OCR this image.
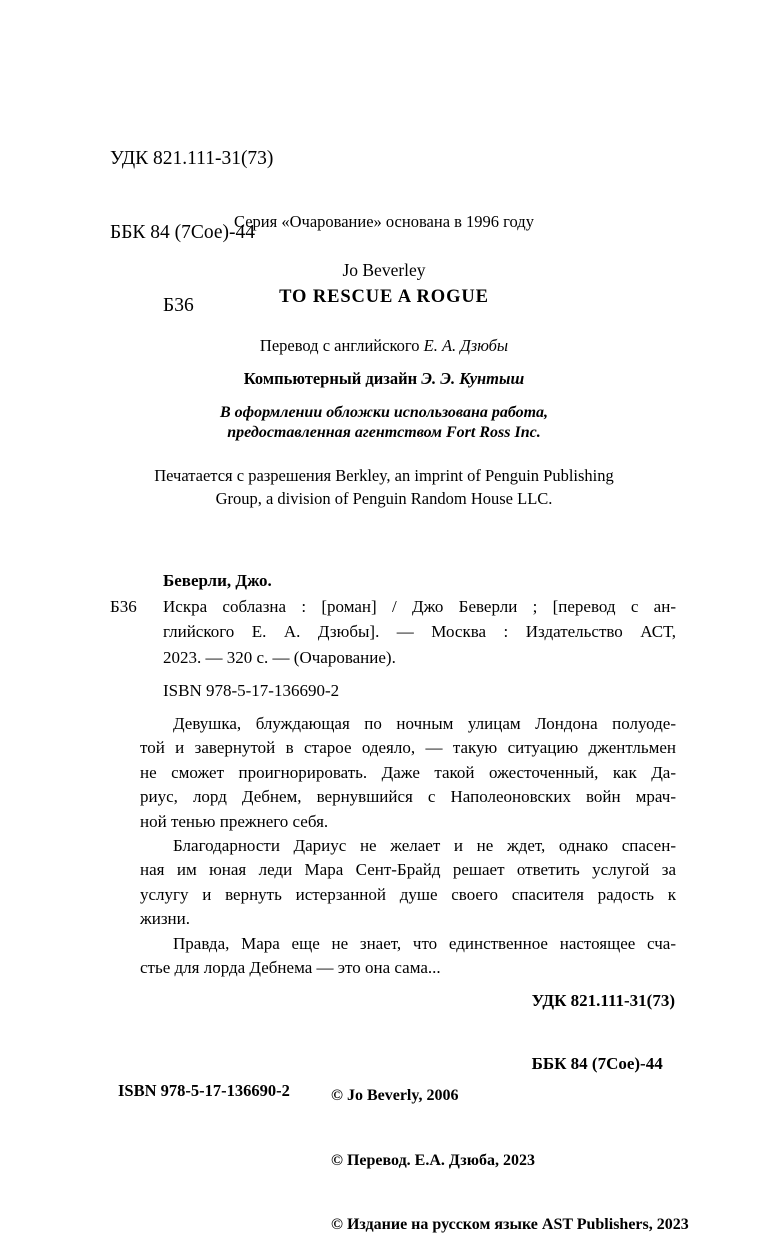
УДК 821.111-31(73)

ББК 84 (7Сое)-44

Б36

Серия «Очарование» основана в 1996 году
Jo Beverley
TO RESCUE A ROGUE
Перевод с английского Е. А. Дзюбы
Компьютерный дизайн Э. Э. Кунтыш
В оформлении обложки использована работа,
предоставленная агентством Fort Ross Inc.
Печатается с разрешения Berkley, an imprint of Penguin Publishing
Group, a division of Penguin Random House LLC.
Беверли, Джо.
Б36 Искра соблазна : [роман] / Джо Беверли ; [перевод с ан-
глийского Е. А. Дзюбы]. — Москва : Издательство АСТ,
2023. — 320 с. — (Очарование).
ISBN 978-5-17-136690-2

Девушка, блуждающая по ночным улицам Лондона полуоде-
той и завернутой в старое одеяло, — такую ситуацию джентльмен
не сможет проигнорировать. Даже такой ожесточенный, как Да-
риус, лорд Дебнем, вернувшийся с Наполеоновских войн мрач-
ной тенью прежнего себя.

Благодарности Дариус не желает и не ждет, однако спасен-
ная им юная леди Мара Сент-Брайд решает ответить услугой за
услугу и вернуть истерзанной душе своего спасителя радость к
жизни.

Правда, Мара еще не знает, что единственное настоящее сча-
стье для лорда Дебнема — это она сама...

УДК 821.111-31(73)

ББК 84 (7Сое)-44

ISBN 978-5-17-136690-2

	© Jo Beverly, 2006

© Перевод. Е.А. Дзюба, 2023

© Издание на русском языке AST Publishers, 2023
